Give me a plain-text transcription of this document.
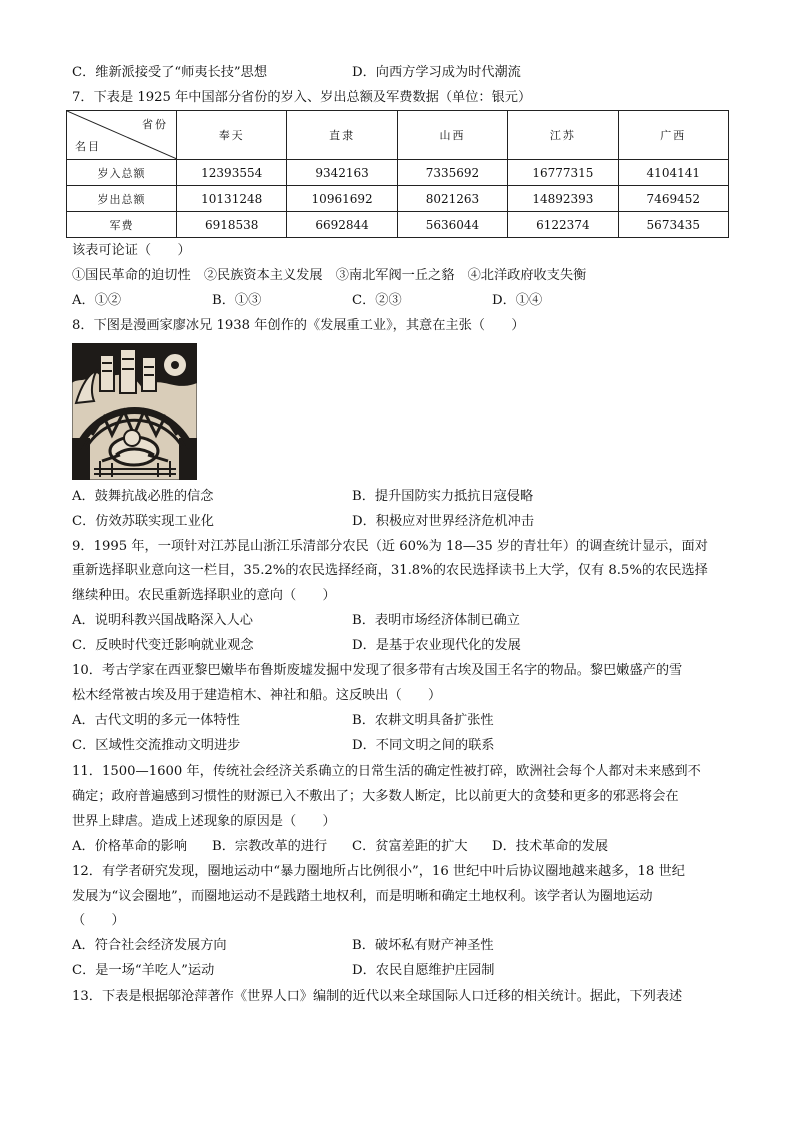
C．维新派接受了“师夷长技”思想	D．向西方学习成为时代潮流
7．下表是 1925 年中国部分省份的岁入、岁出总额及军费数据（单位：银元）
省份
名目	奉天	直隶	山西	江苏	广西
岁入总额	12393554	9342163	7335692	16777315	4104141
岁出总额	10131248	10961692	8021263	14892393	7469452
军费	6918538	6692844	5636044	6122374	5673435
该表可论证（　　）
①国民革命的迫切性　②民族资本主义发展　③南北军阀一丘之貉　④北洋政府收支失衡
A．①②	B．①③	C．②③	D．①④
8．下图是漫画家廖冰兄 1938 年创作的《发展重工业》，其意在主张（　　）
A．鼓舞抗战必胜的信念	B．提升国防实力抵抗日寇侵略
C．仿效苏联实现工业化	D．积极应对世界经济危机冲击
9．1995 年，一项针对江苏昆山浙江乐清部分农民（近 60%为 18—35 岁的青壮年）的调查统计显示，面对
重新选择职业意向这一栏目，35.2%的农民选择经商，31.8%的农民选择读书上大学，仅有 8.5%的农民选择
继续种田。农民重新选择职业的意向（　　）
A．说明科教兴国战略深入人心	B．表明市场经济体制已确立
C．反映时代变迁影响就业观念	D．是基于农业现代化的发展
10．考古学家在西亚黎巴嫩毕布鲁斯废墟发掘中发现了很多带有古埃及国王名字的物品。黎巴嫩盛产的雪
松木经常被古埃及用于建造棺木、神社和船。这反映出（　　）
A．古代文明的多元一体特性	B．农耕文明具备扩张性
C．区域性交流推动文明进步	D．不同文明之间的联系
11．1500—1600 年，传统社会经济关系确立的日常生活的确定性被打碎，欧洲社会每个人都对未来感到不
确定；政府普遍感到习惯性的财源已入不敷出了；大多数人断定，比以前更大的贪婪和更多的邪恶将会在
世界上肆虐。造成上述现象的原因是（　　）
A．价格革命的影响 B．宗教改革的进行 C．贫富差距的扩大 D．技术革命的发展
12．有学者研究发现，圈地运动中“暴力圈地所占比例很小”，16 世纪中叶后协议圈地越来越多，18 世纪
发展为“议会圈地”，而圈地运动不是践踏土地权利，而是明晰和确定土地权利。该学者认为圈地运动
（　　）
A．符合社会经济发展方向	B．破坏私有财产神圣性
C．是一场“羊吃人”运动	D．农民自愿维护庄园制
13．下表是根据邬沧萍著作《世界人口》编制的近代以来全球国际人口迁移的相关统计。据此，下列表述
